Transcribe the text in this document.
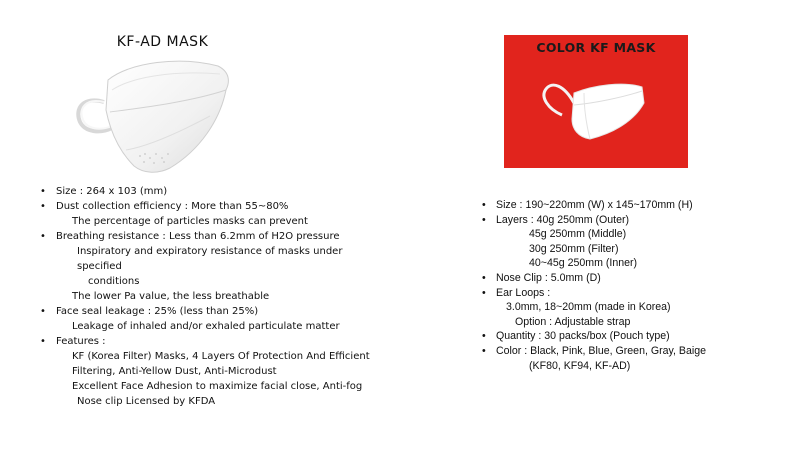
KF-AD MASK
• Size : 264 x 103 (mm)
• Dust collection efficiency : More than 55~80%
The percentage of particles masks can prevent
• Breathing resistance : Less than 6.2mm of H2O pressure
Inspiratory and expiratory resistance of masks under specified
conditions
The lower Pa value, the less breathable
• Face seal leakage : 25% (less than 25%)
Leakage of inhaled and/or exhaled particulate matter
• Features :
KF (Korea Filter) Masks, 4 Layers Of Protection And Efficient
Filtering, Anti-Yellow Dust, Anti-Microdust
Excellent Face Adhesion to maximize facial close, Anti-fog
Nose clip Licensed by KFDA
COLOR KF MASK
• Size : 190~220mm (W) x 145~170mm (H)
• Layers : 40g 250mm (Outer)
45g 250mm (Middle)
30g 250mm (Filter)
40~45g 250mm (Inner)
• Nose Clip : 5.0mm (D)
• Ear Loops :
3.0mm, 18~20mm (made in Korea)
Option : Adjustable strap
• Quantity : 30 packs/box (Pouch type)
• Color : Black, Pink, Blue, Green, Gray, Baige
(KF80, KF94, KF-AD)
